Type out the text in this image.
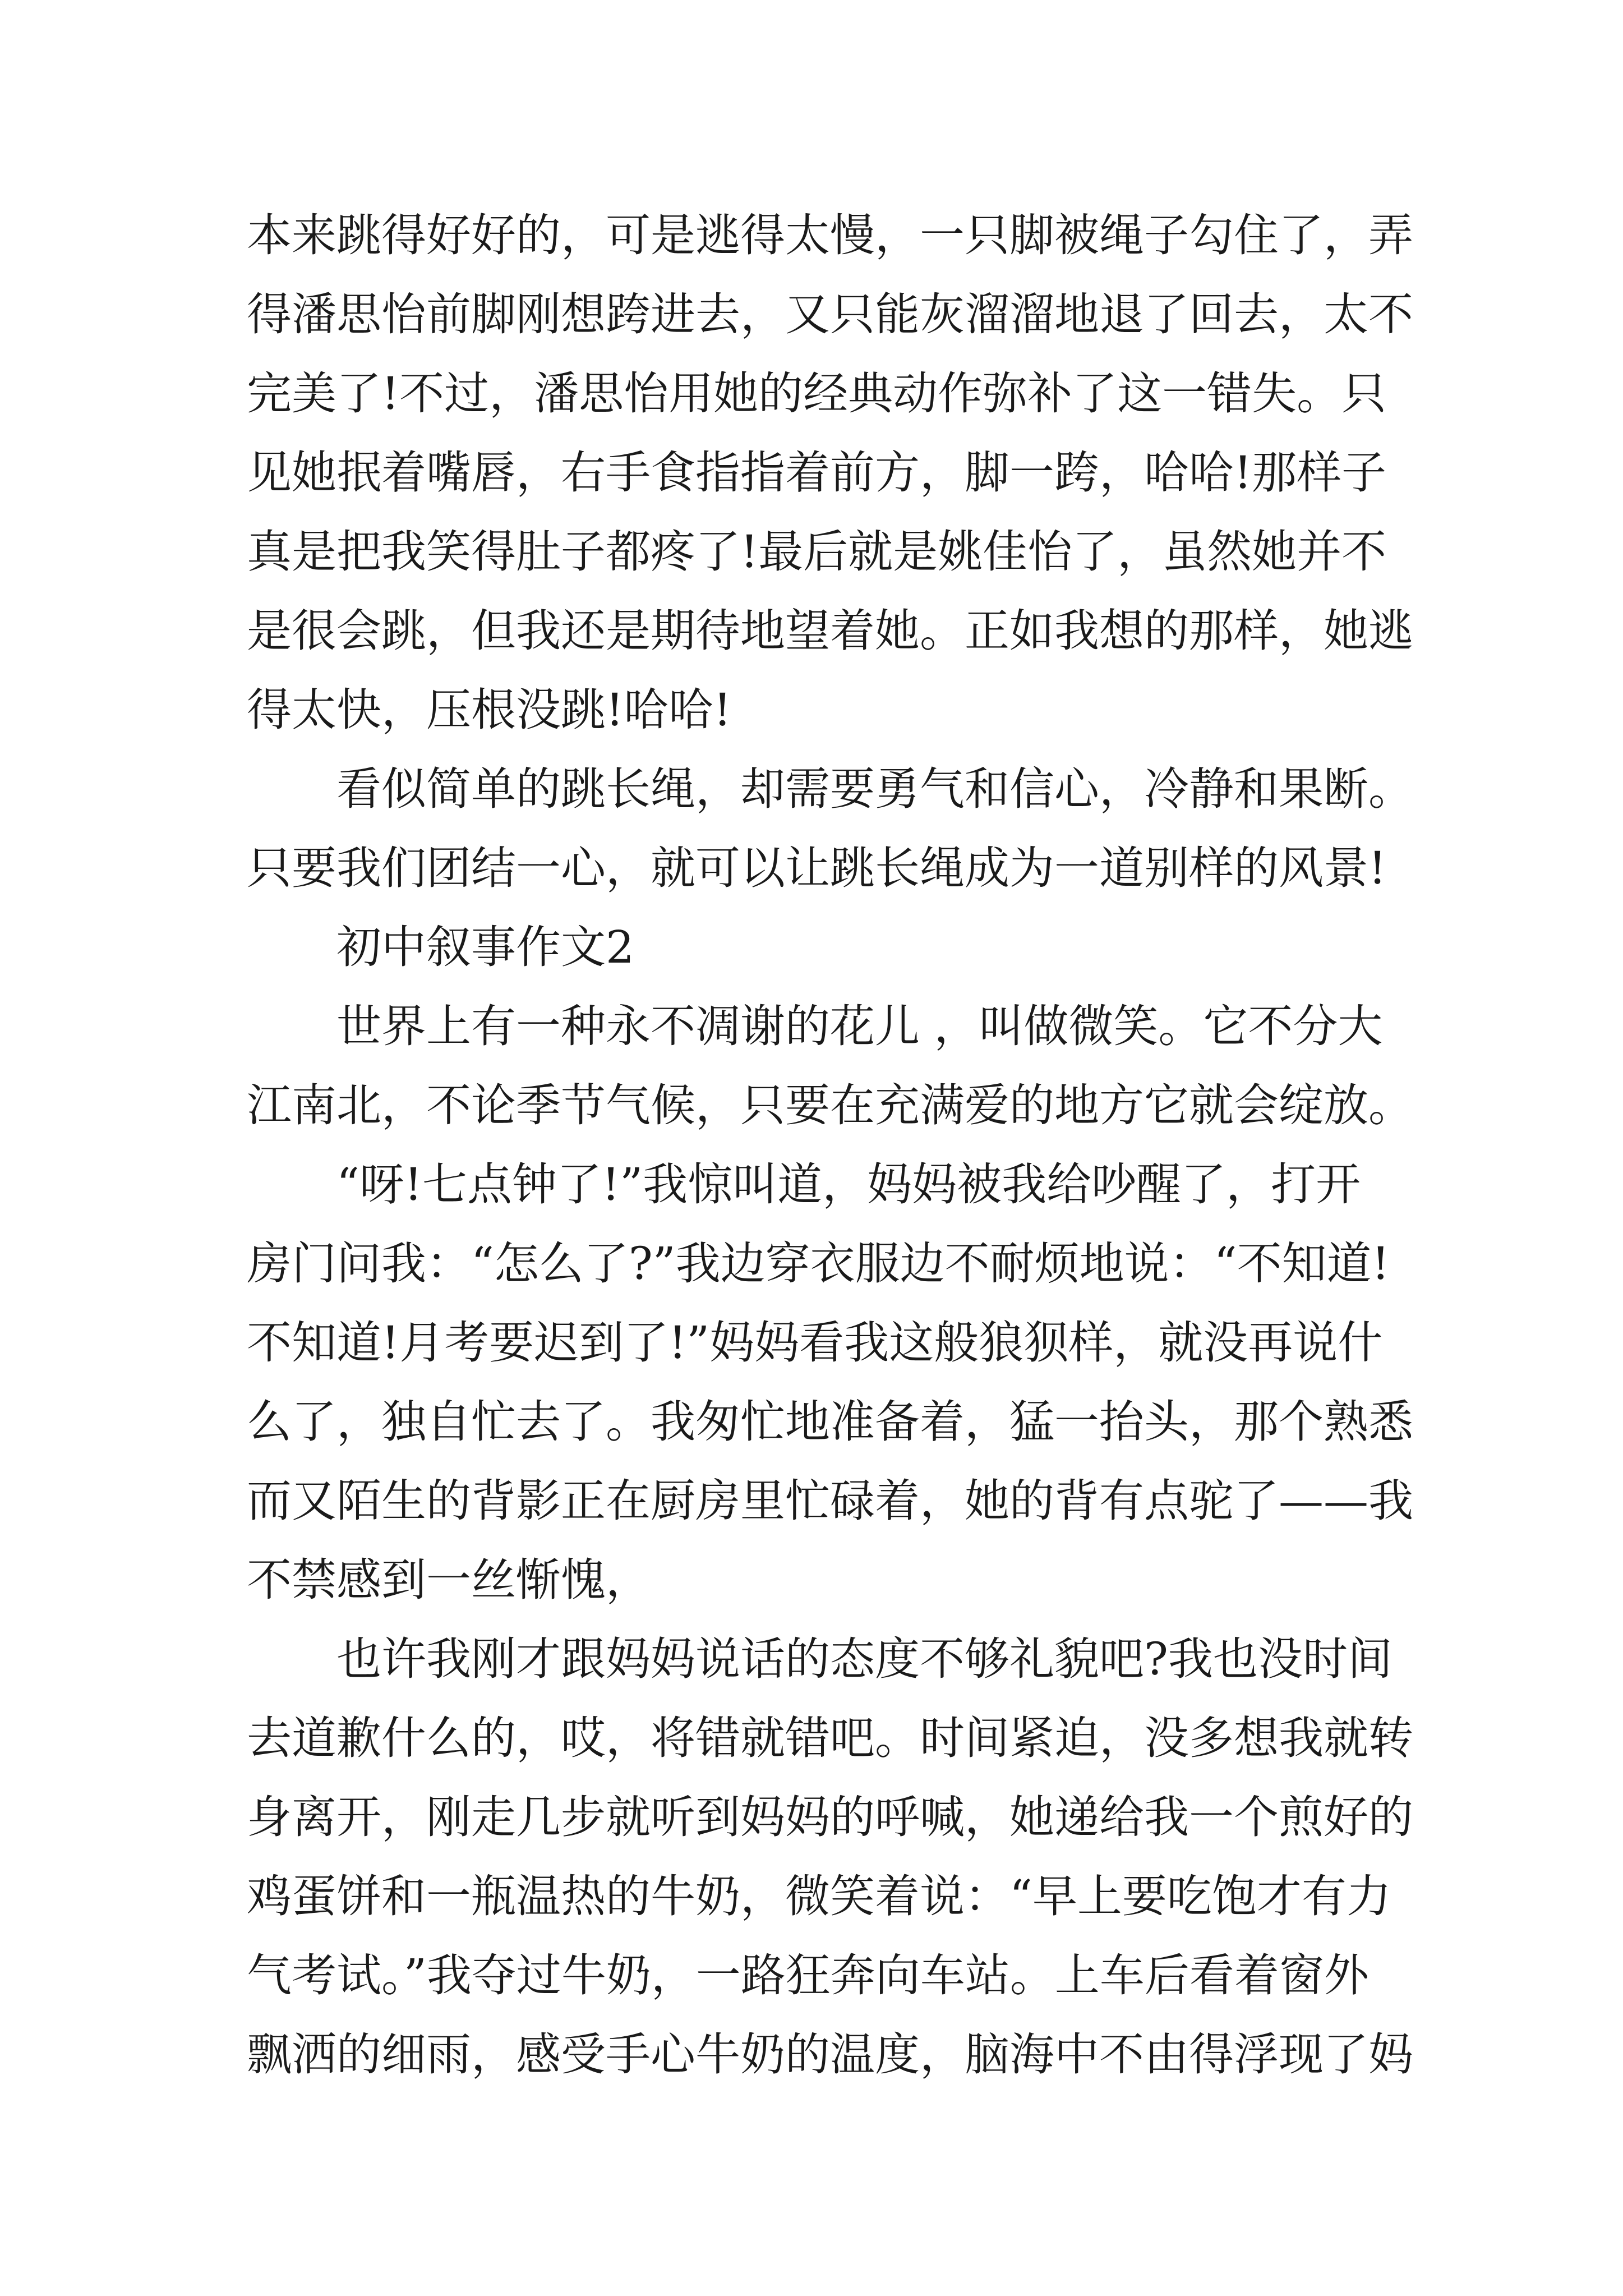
本来跳得好好的，可是逃得太慢，一只脚被绳子勾住了，弄
得潘思怡前脚刚想跨进去，又只能灰溜溜地退了回去，太不
完美了!不过，潘思怡用她的经典动作弥补了这一错失。只
见她抿着嘴唇，右手食指指着前方，脚一跨，哈哈!那样子
真是把我笑得肚子都疼了!最后就是姚佳怡了，虽然她并不
是很会跳，但我还是期待地望着她。正如我想的那样，她逃
得太快，压根没跳!哈哈!
看似简单的跳长绳，却需要勇气和信心，冷静和果断。
只要我们团结一心，就可以让跳长绳成为一道别样的风景!
初中叙事作文2
世界上有一种永不凋谢的花儿 ，叫做微笑。它不分大
江南北，不论季节气候，只要在充满爱的地方它就会绽放。
“呀!七点钟了!”我惊叫道，妈妈被我给吵醒了，打开
房门问我：“怎么了?”我边穿衣服边不耐烦地说：“不知道!
不知道!月考要迟到了!”妈妈看我这般狼狈样，就没再说什
么了，独自忙去了。我匆忙地准备着，猛一抬头，那个熟悉
而又陌生的背影正在厨房里忙碌着，她的背有点驼了——我
不禁感到一丝惭愧，
也许我刚才跟妈妈说话的态度不够礼貌吧?我也没时间
去道歉什么的，哎，将错就错吧。时间紧迫，没多想我就转
身离开，刚走几步就听到妈妈的呼喊，她递给我一个煎好的
鸡蛋饼和一瓶温热的牛奶，微笑着说：“早上要吃饱才有力
气考试。”我夺过牛奶，一路狂奔向车站。上车后看着窗外
飘洒的细雨，感受手心牛奶的温度，脑海中不由得浮现了妈
